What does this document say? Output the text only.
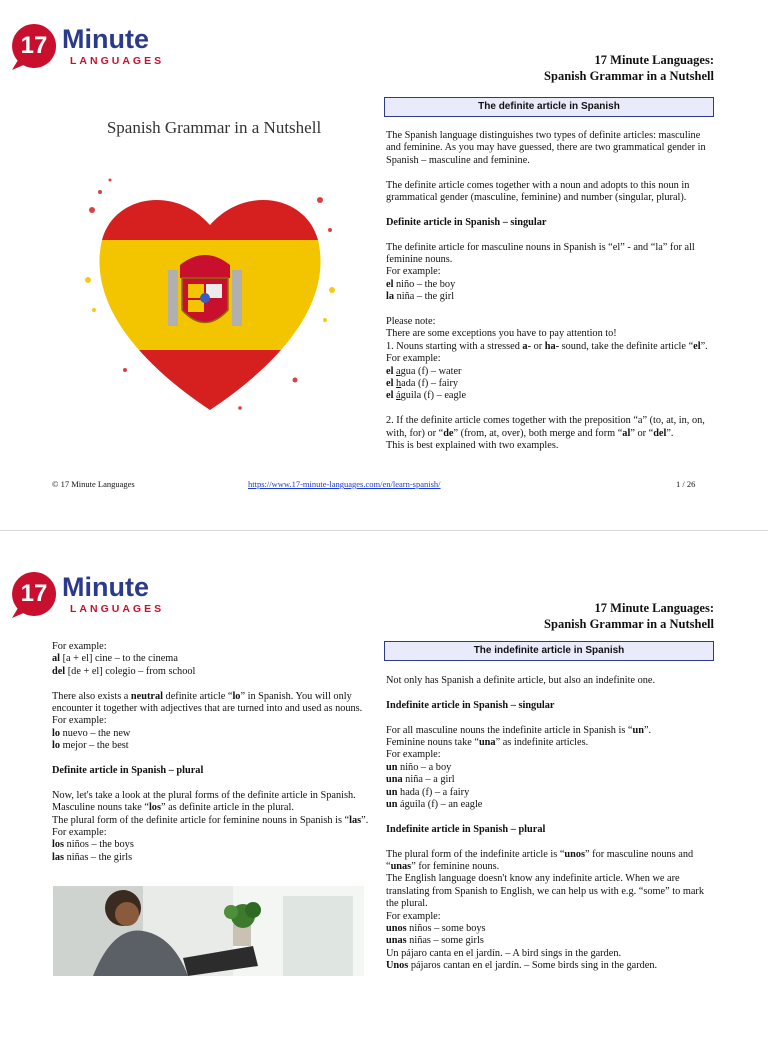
17 Minute
LANGUAGES	17 Minute Languages:
Spanish Grammar in a Nutshell
Spanish Grammar in a Nutshell
The definite article in Spanish

The Spanish language distinguishes two types of definite articles: masculine and feminine. As you may have guessed, there are two grammatical gender in Spanish – masculine and feminine.

The definite article comes together with a noun and adopts to this noun in grammatical gender (masculine, feminine) and number (singular, plural).

Definite article in Spanish – singular

The definite article for masculine nouns in Spanish is “el” - and “la” for all feminine nouns.
For example:
el niño – the boy
la niña – the girl

Please note:
There are some exceptions you have to pay attention to!
1. Nouns starting with a stressed a- or ha- sound, take the definite article “el”.
For example:
el agua (f) – water
el hada (f) – fairy
el águila (f) – eagle

2. If the definite article comes together with the preposition “a” (to, at, in, on, with, for) or “de” (from, at, over), both merge and form “al” or “del”.
This is best explained with two examples.

© 17 Minute Languages	https://www.17-minute-languages.com/en/learn-spanish/	1 / 26
17 Minute
LANGUAGES	17 Minute Languages:
Spanish Grammar in a Nutshell

For example:
al [a + el] cine – to the cinema
del [de + el] colegio – from school

There also exists a neutral definite article “lo” in Spanish. You will only encounter it together with adjectives that are turned into and used as nouns.
For example:
lo nuevo – the new
lo mejor – the best

Definite article in Spanish – plural

Now, let's take a look at the plural forms of the definite article in Spanish. Masculine nouns take “los” as definite article in the plural.
The plural form of the definite article for feminine nouns in Spanish is “las”.
For example:
los niños – the boys
las niñas – the girls

The indefinite article in Spanish

Not only has Spanish a definite article, but also an indefinite one.

Indefinite article in Spanish – singular

For all masculine nouns the indefinite article in Spanish is “un”.
Feminine nouns take “una” as indefinite articles.
For example:
un niño – a boy
una niña – a girl
un hada (f) – a fairy
un águila (f) – an eagle

Indefinite article in Spanish – plural

The plural form of the indefinite article is “unos” for masculine nouns and “unas” for feminine nouns.
The English language doesn't know any indefinite article. When we are translating from Spanish to English, we can help us with e.g. “some” to mark the plural.
For example:
unos niños – some boys
unas niñas – some girls
Un pájaro canta en el jardín. – A bird sings in the garden.
Unos pájaros cantan en el jardín. – Some birds sing in the garden.
